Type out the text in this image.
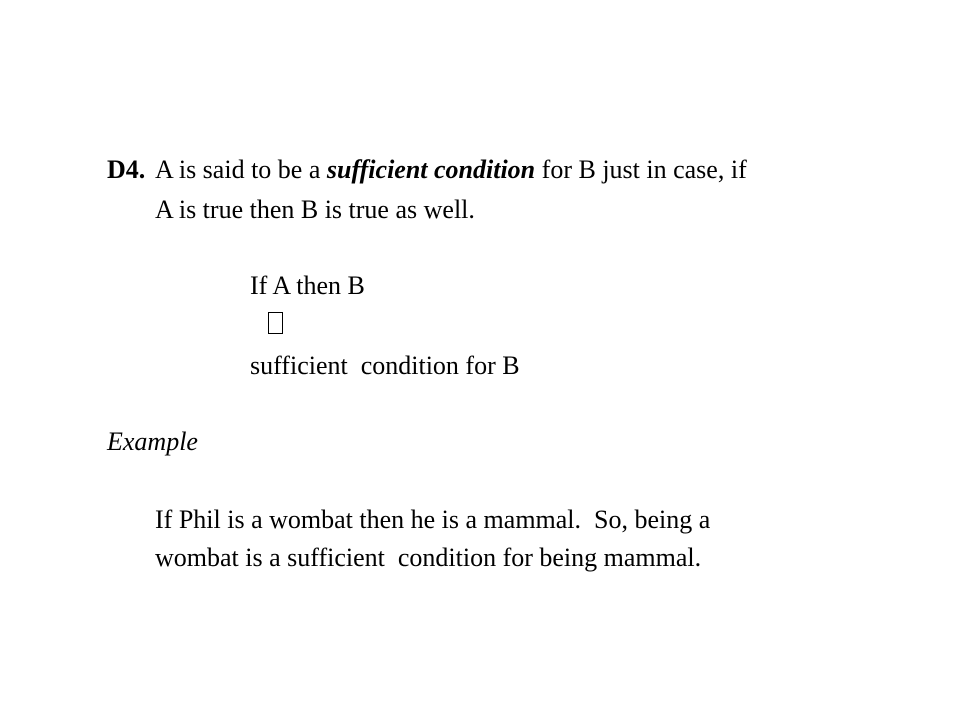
D4. A is said to be a sufficient condition for B just in case, if
A is true then B is true as well.
If A then B
sufficient  condition for B
Example
If Phil is a wombat then he is a mammal.  So, being a
wombat is a sufficient  condition for being mammal.
